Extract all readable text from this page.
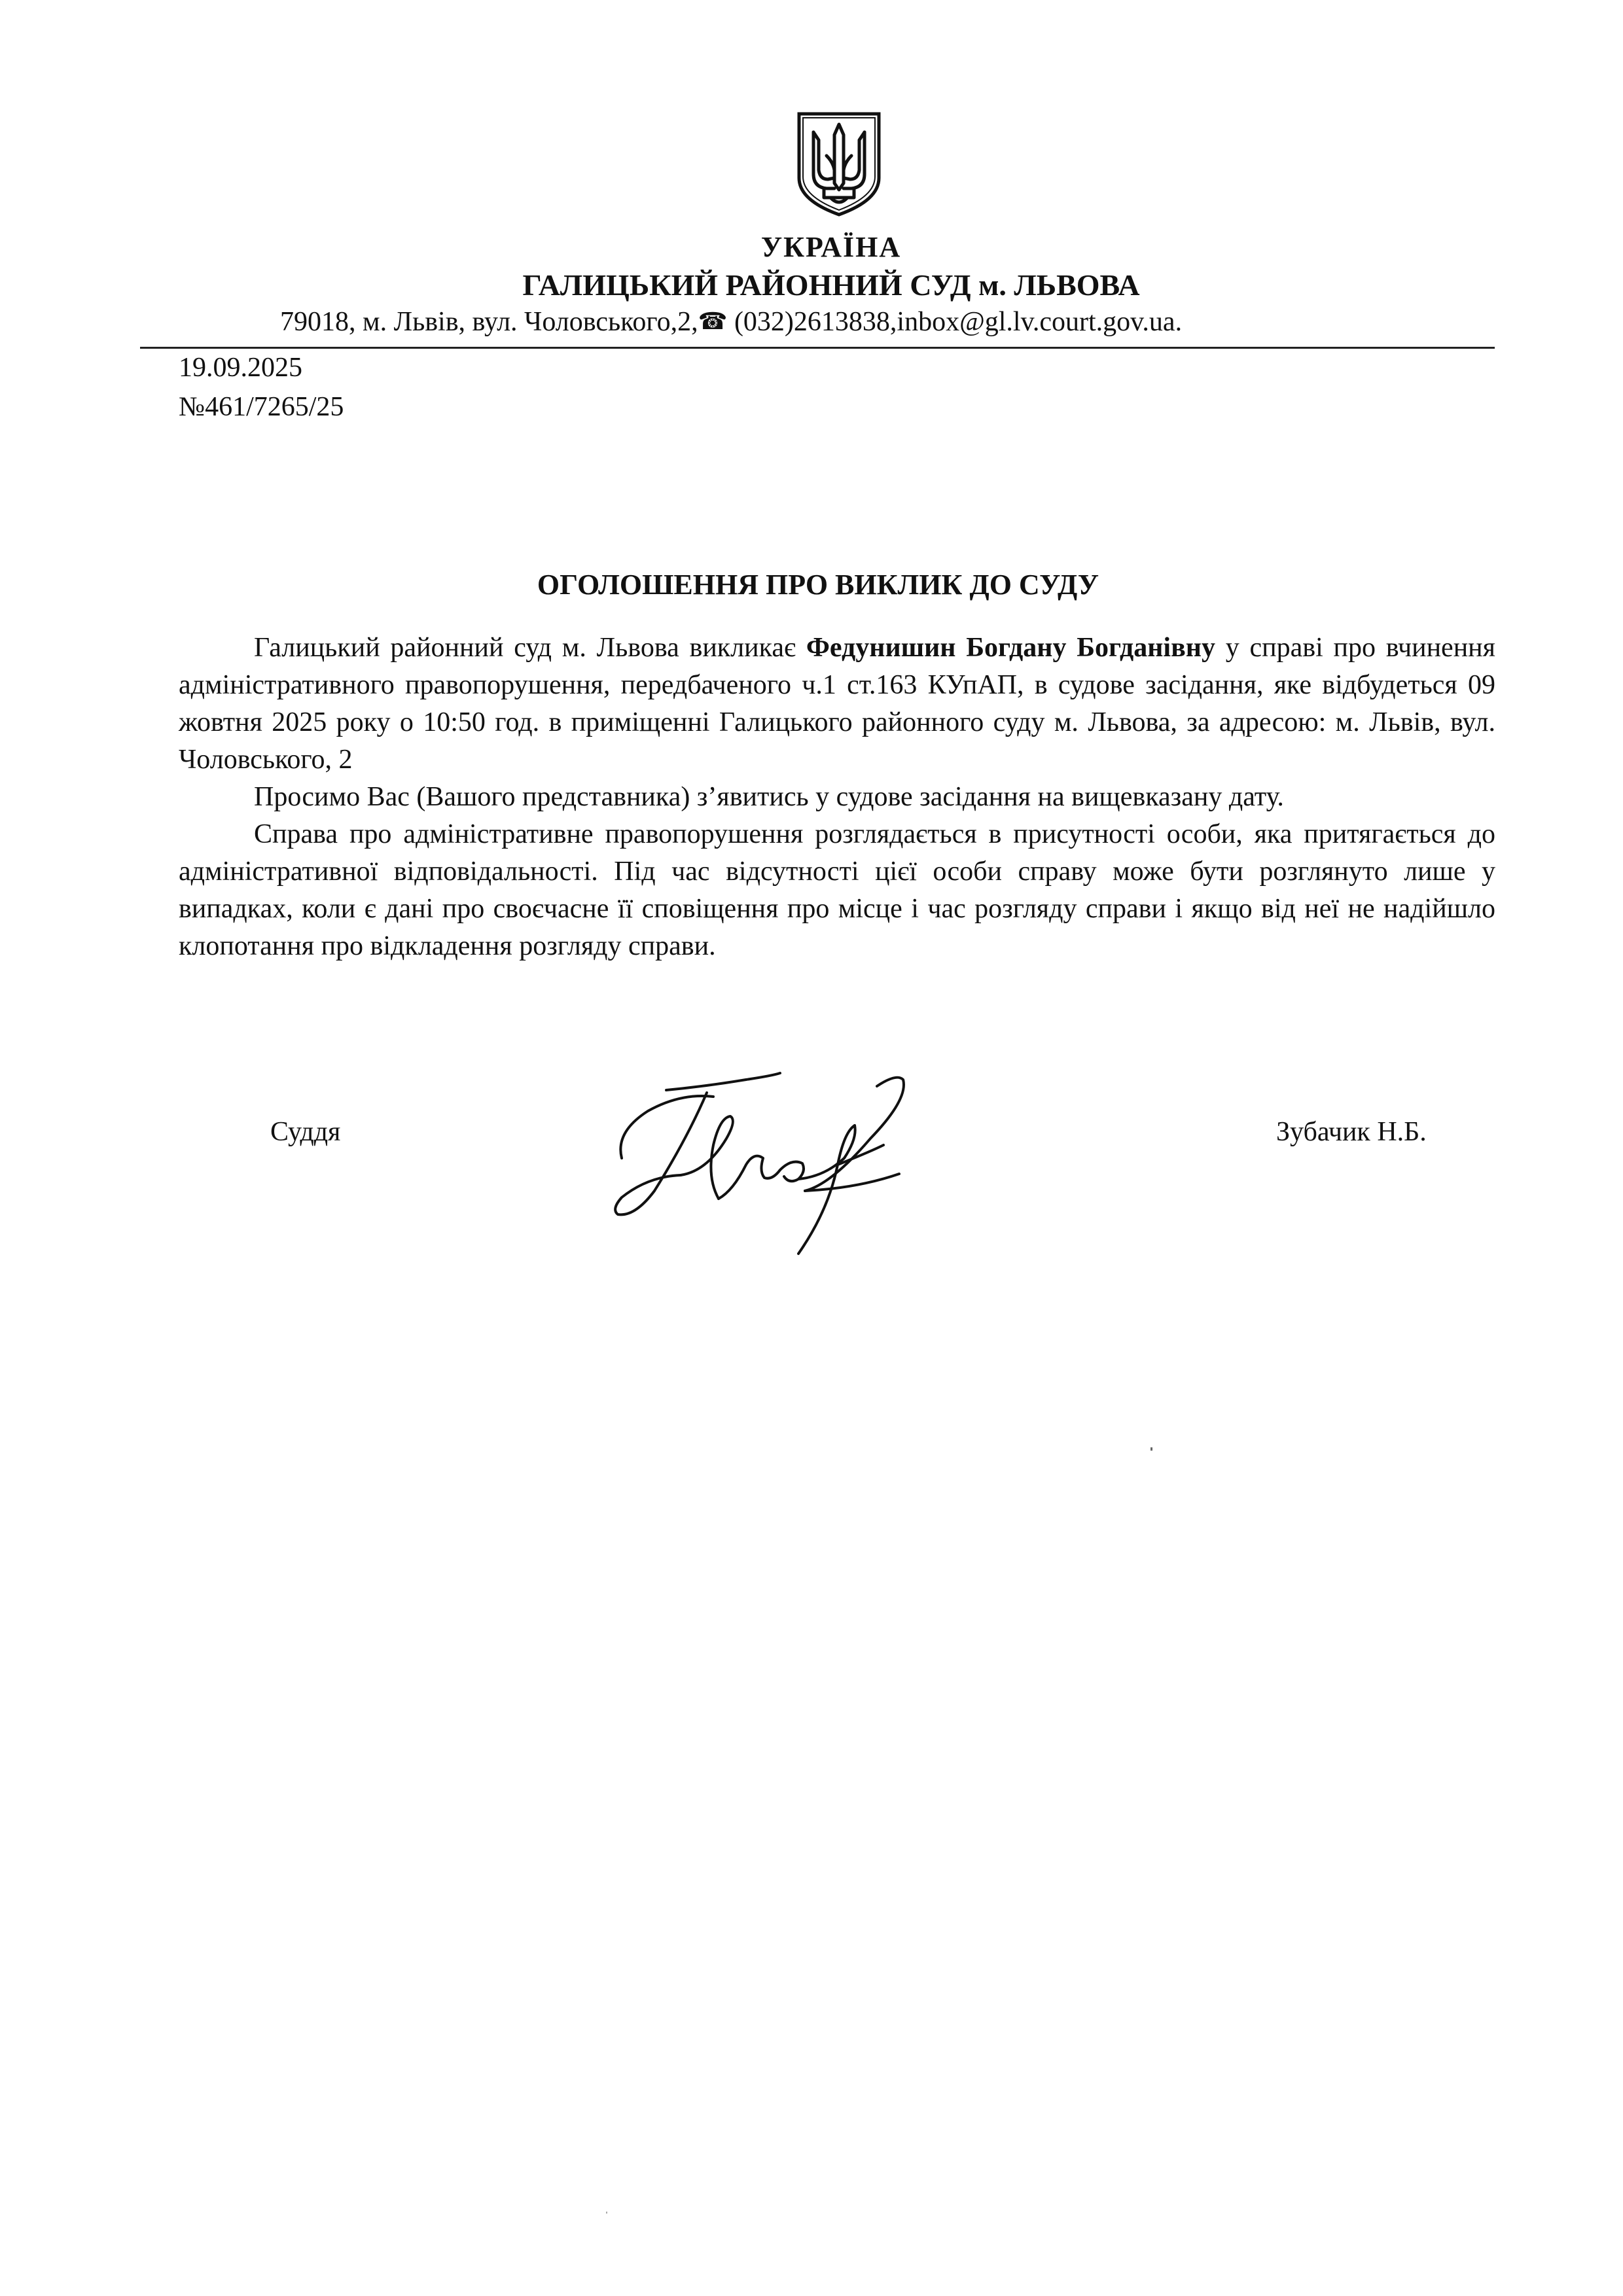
УКРАЇНА
ГАЛИЦЬКИЙ РАЙОННИЙ СУД м. ЛЬВОВА
79018, м. Львів, вул. Чоловського,2,☎ (032)2613838,inbox@gl.lv.court.gov.ua.
19.09.2025
№461/7265/25
ОГОЛОШЕННЯ ПРО ВИКЛИК ДО СУДУ

Галицький районний суд м. Львова викликає Федунишин Богдану Богданівну у справі про вчинення адміністративного правопорушення, передбаченого ч.1 ст.163 КУпАП, в судове засідання, яке відбудеться 09 жовтня 2025 року о 10:50 год. в приміщенні Галицького районного суду м. Львова, за адресою: м. Львів, вул. Чоловського, 2

Просимо Вас (Вашого представника) з’явитись у судове засідання на вищевказану дату.

Справа про адміністративне правопорушення розглядається в присутності особи, яка притягається до адміністративної відповідальності. Під час відсутності цієї особи справу може бути розглянуто лише у випадках, коли є дані про своєчасне її сповіщення про місце і час розгляду справи і якщо від неї не надійшло клопотання про відкладення розгляду справи.

Суддя	Зубачик Н.Б.
